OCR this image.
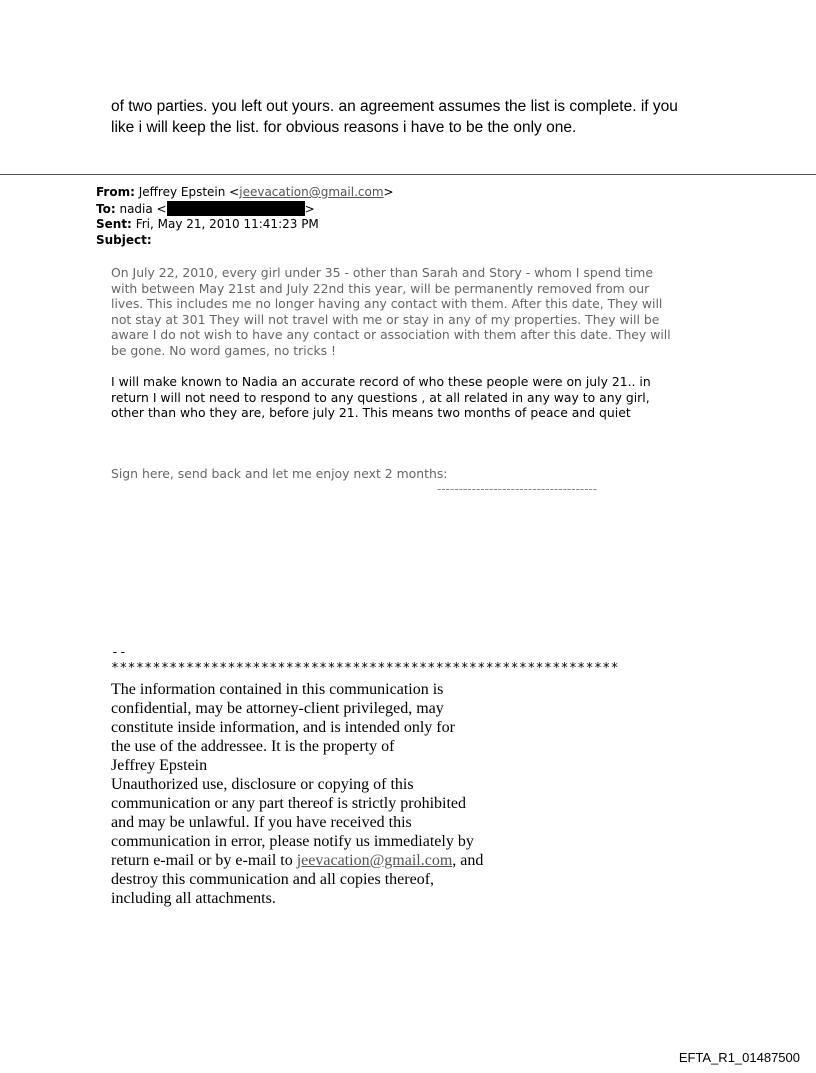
of two parties. you left out yours. an agreement assumes the list is complete. if you

like i will keep the list. for obvious reasons i have to be the only one.

From: Jeffrey Epstein <jeevacation@gmail.com>
To: nadia <	>
Sent: Fri, May 21, 2010 11:41:23 PM
Subject:

On July 22, 2010, every girl under 35 - other than Sarah and Story - whom I spend time

with between May 21st and July 22nd this year, will be permanently removed from our

lives. This includes me no longer having any contact with them. After this date, They will

not stay at 301 They will not travel with me or stay in any of my properties. They will be

aware I do not wish to have any contact or association with them after this date. They will

be gone. No word games, no tricks !

I will make known to Nadia an accurate record of who these people were on july 21.. in

return I will not need to respond to any questions , at all related in any way to any girl,

other than who they are, before july 21. This means two months of peace and quiet

Sign here, send back and let me enjoy next 2 months:
-------------------------------------
--
*************************************************************

The information contained in this communication is

confidential, may be attorney-client privileged, may

constitute inside information, and is intended only for

the use of the addressee. It is the property of

Jeffrey Epstein

Unauthorized use, disclosure or copying of this

communication or any part thereof is strictly prohibited

and may be unlawful. If you have received this

communication in error, please notify us immediately by

return e-mail or by e-mail to jeevacation@gmail.com, and

destroy this communication and all copies thereof,

including all attachments.

EFTA_R1_01487500
